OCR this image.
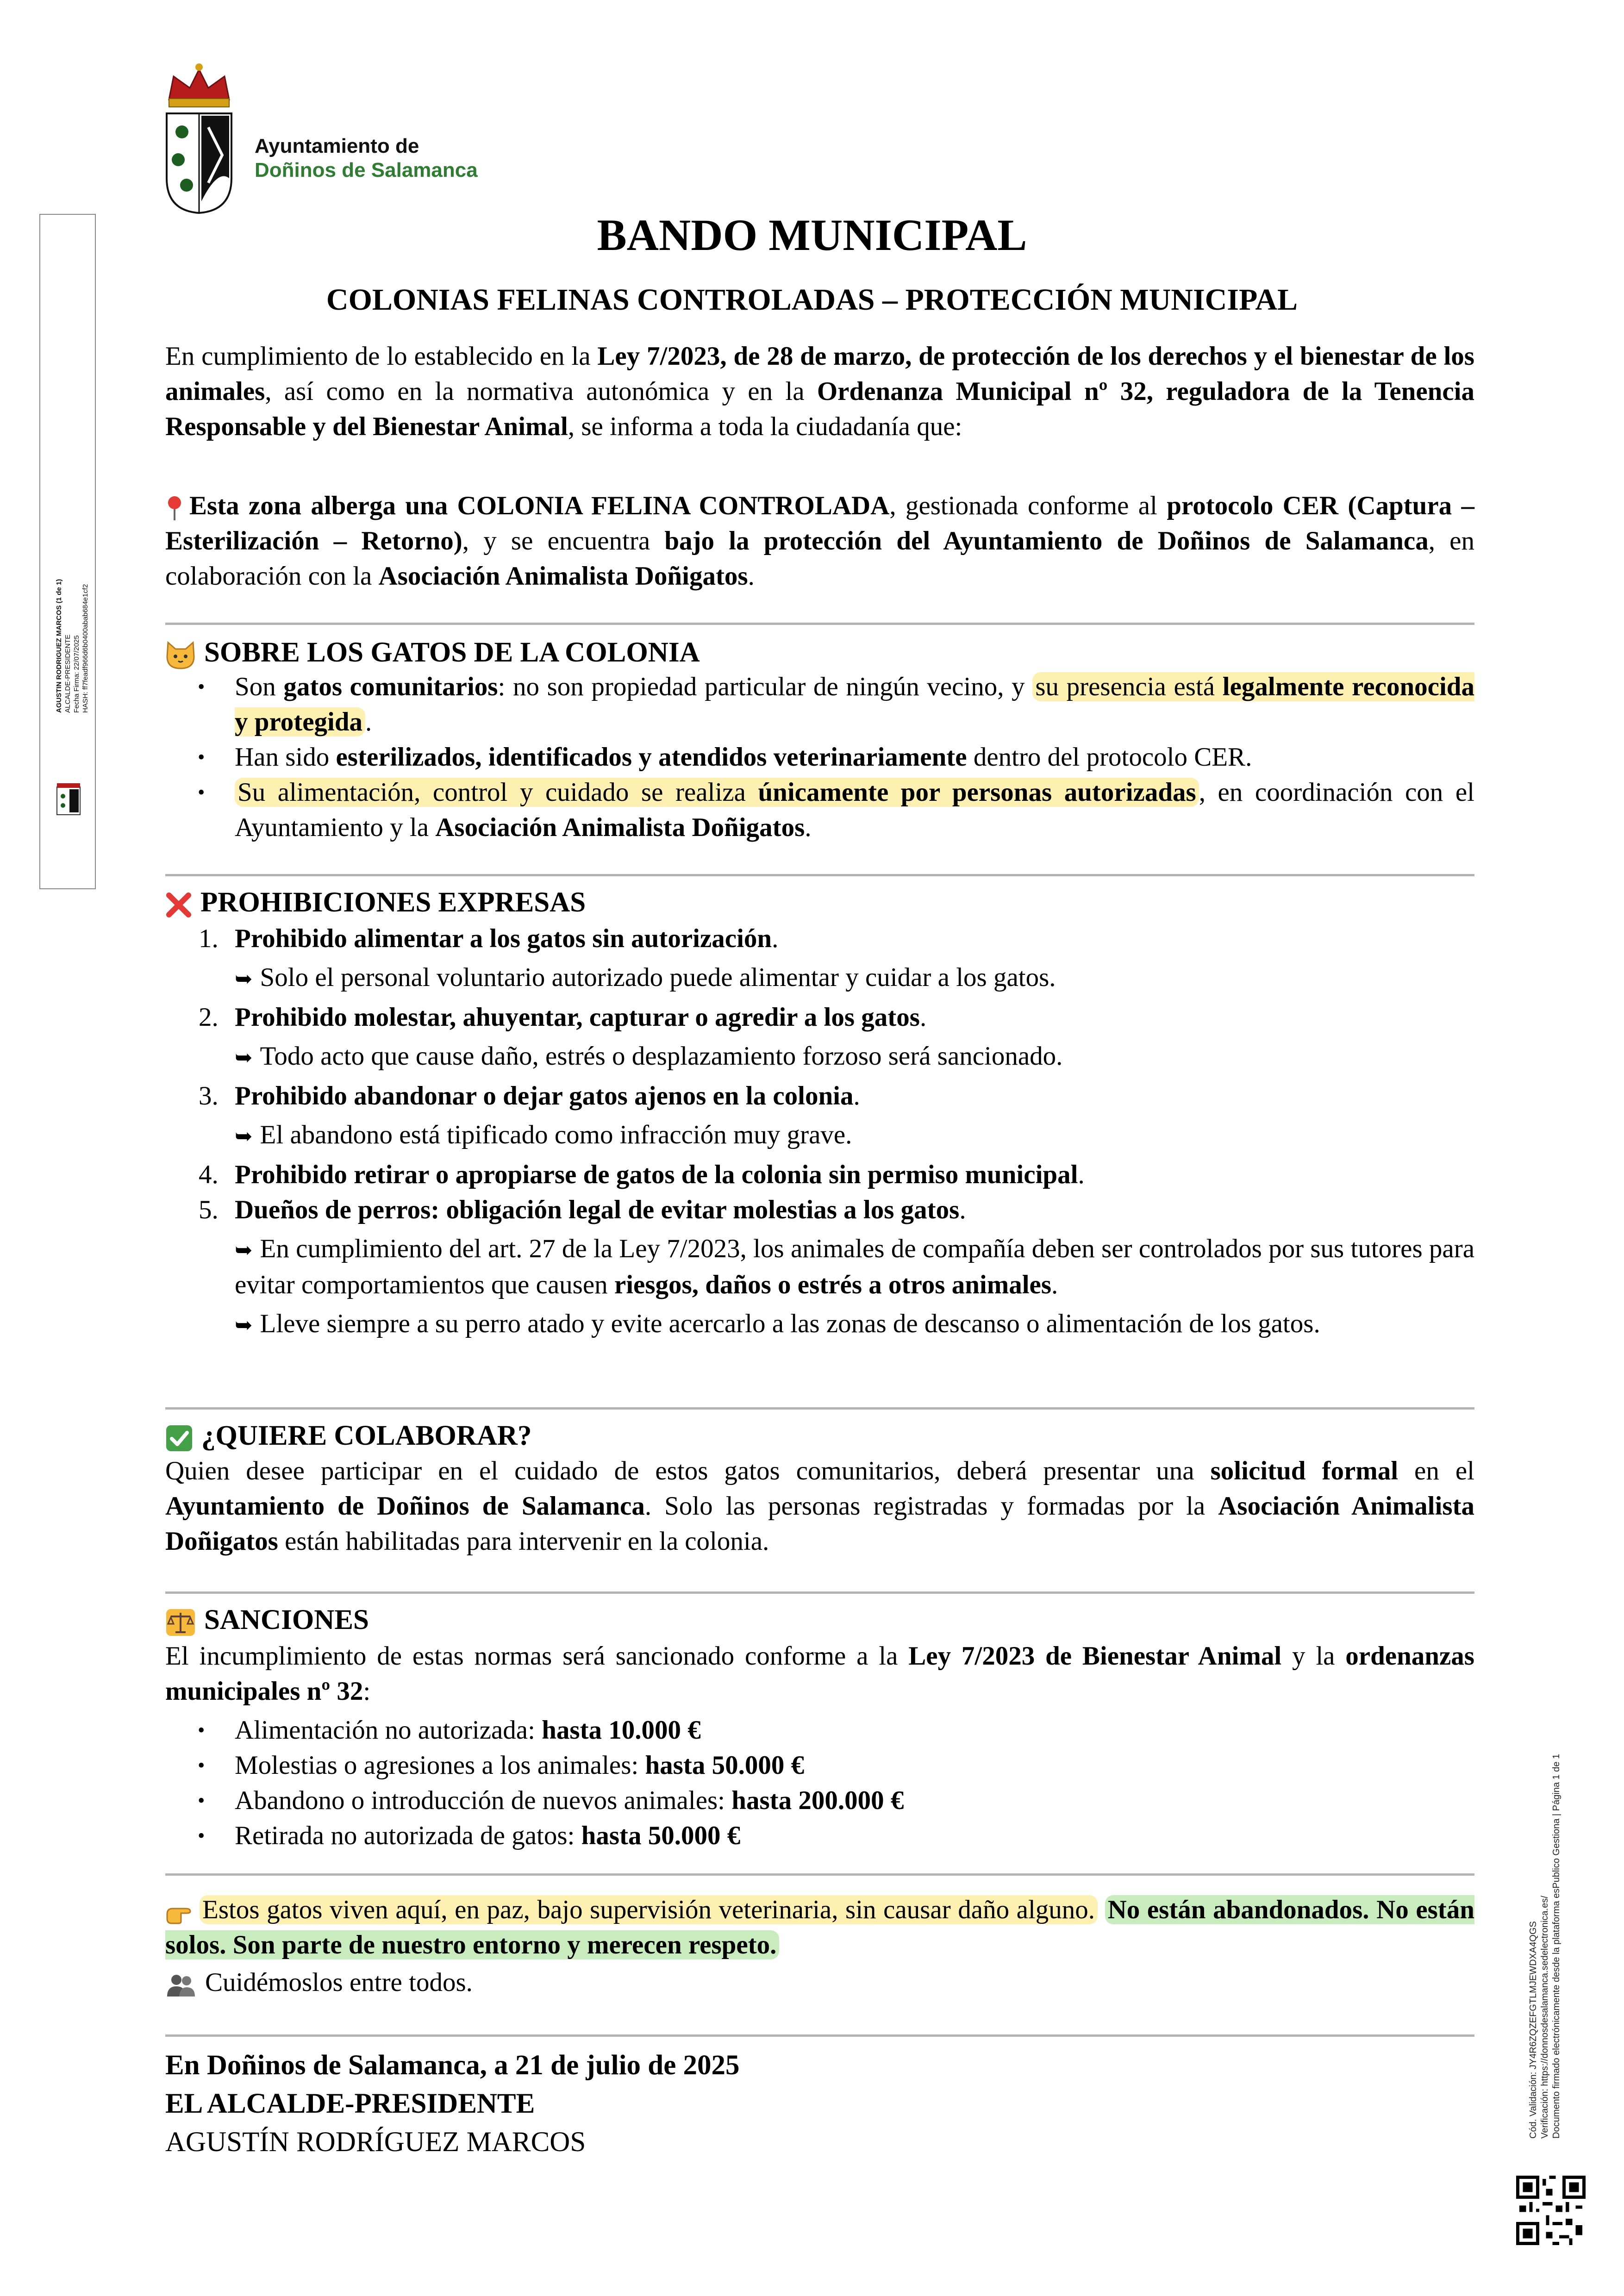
Ayuntamiento de
Doñinos de Salamanca
AGUSTIN RODRIGUEZ MARCOS (1 de 1) ALCALDE-PRESIDENTE Fecha Firma: 22/07/2025 HASH: ff7feadf966d6b0400abab684e1cf2
Cód. Validación: JY4R6ZQZEFGTLMJEWDXA4QGS Verificación: https://donnosdesalamanca.sedelectronica.es/ Documento firmado electrónicamente desde la plataforma esPublico Gestiona | Página 1 de 1
BANDO MUNICIPAL
COLONIAS FELINAS CONTROLADAS – PROTECCIÓN MUNICIPAL
En cumplimiento de lo establecido en la Ley 7/2023, de 28 de marzo, de protección de los derechos y el bienestar de los animales, así como en la normativa autonómica y en la Ordenanza Municipal nº 32, reguladora de la Tenencia Responsable y del Bienestar Animal, se informa a toda la ciudadanía que:
Esta zona alberga una COLONIA FELINA CONTROLADA, gestionada conforme al protocolo CER (Captura – Esterilización – Retorno), y se encuentra bajo la protección del Ayuntamiento de Doñinos de Salamanca, en colaboración con la Asociación Animalista Doñigatos.
SOBRE LOS GATOS DE LA COLONIA
• Son gatos comunitarios: no son propiedad particular de ningún vecino, y su presencia está legalmente reconocida y protegida .
• Han sido esterilizados, identificados y atendidos veterinariamente dentro del protocolo CER.
• Su alimentación, control y cuidado se realiza únicamente por personas autorizadas , en coordinación con el Ayuntamiento y la Asociación Animalista Doñigatos.
PROHIBICIONES EXPRESAS
1. Prohibido alimentar a los gatos sin autorización.
➥ Solo el personal voluntario autorizado puede alimentar y cuidar a los gatos.
2. Prohibido molestar, ahuyentar, capturar o agredir a los gatos.
➥ Todo acto que cause daño, estrés o desplazamiento forzoso será sancionado.
3. Prohibido abandonar o dejar gatos ajenos en la colonia.
➥ El abandono está tipificado como infracción muy grave.
4. Prohibido retirar o apropiarse de gatos de la colonia sin permiso municipal.
5. Dueños de perros: obligación legal de evitar molestias a los gatos.
➥ En cumplimiento del art. 27 de la Ley 7/2023, los animales de compañía deben ser controlados por sus tutores para evitar comportamientos que causen riesgos, daños o estrés a otros animales.
➥ Lleve siempre a su perro atado y evite acercarlo a las zonas de descanso o alimentación de los gatos.
¿QUIERE COLABORAR?
Quien desee participar en el cuidado de estos gatos comunitarios, deberá presentar una solicitud formal en el Ayuntamiento de Doñinos de Salamanca. Solo las personas registradas y formadas por la Asociación Animalista Doñigatos están habilitadas para intervenir en la colonia.
SANCIONES
El incumplimiento de estas normas será sancionado conforme a la Ley 7/2023 de Bienestar Animal y la ordenanzas municipales nº 32:
• Alimentación no autorizada: hasta 10.000 €
• Molestias o agresiones a los animales: hasta 50.000 €
• Abandono o introducción de nuevos animales: hasta 200.000 €
• Retirada no autorizada de gatos: hasta 50.000 €
Estos gatos viven aquí, en paz, bajo supervisión veterinaria, sin causar daño alguno. No están abandonados. No están solos. Son parte de nuestro entorno y merecen respeto.
Cuidémoslos entre todos.
En Doñinos de Salamanca, a 21 de julio de 2025
EL ALCALDE-PRESIDENTE
AGUSTÍN RODRÍGUEZ MARCOS
